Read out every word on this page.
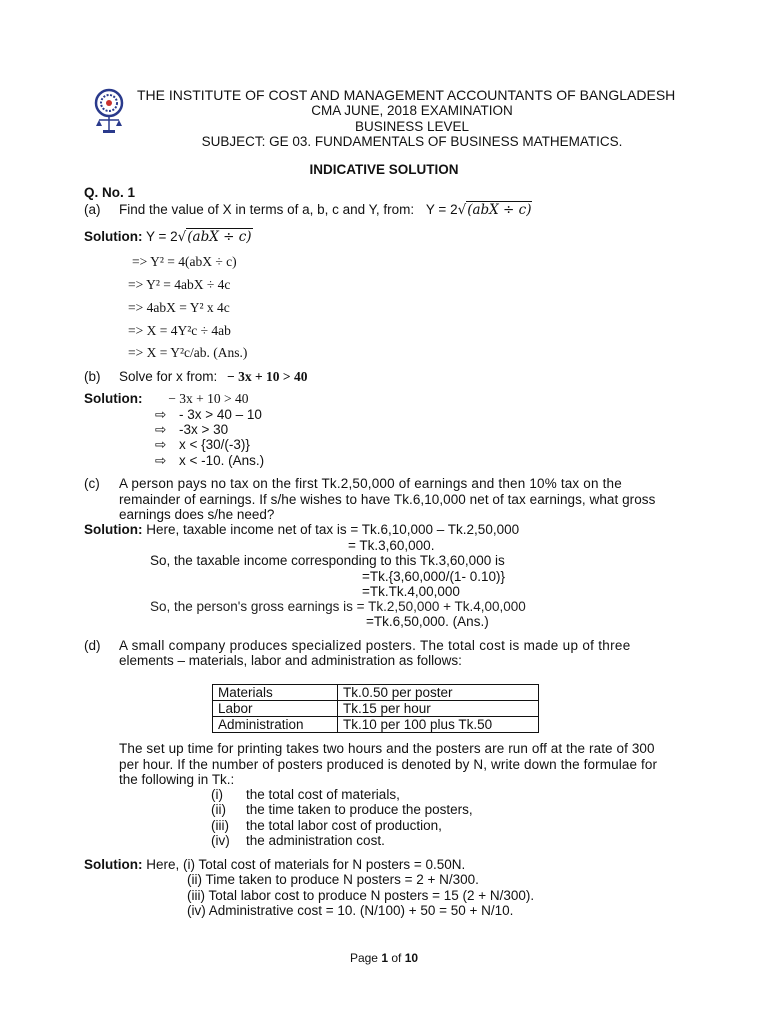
THE INSTITUTE OF COST AND MANAGEMENT ACCOUNTANTS OF BANGLADESH
CMA JUNE, 2018 EXAMINATION
BUSINESS LEVEL
SUBJECT: GE 03. FUNDAMENTALS OF BUSINESS MATHEMATICS.
INDICATIVE SOLUTION
Q. No. 1
(a) Find the value of X in terms of a, b, c and Y, from: Y = 2√(abX ÷ c)
Solution: Y = 2√(abX ÷ c)
=> Y² = 4(abX ÷ c)
=> Y² = 4abX ÷ 4c
=> 4abX = Y² x 4c
=> X = 4Y²c ÷ 4ab
=> X = Y²c/ab. (Ans.)
(b) Solve for x from: − 3x + 10 > 40
Solution: − 3x + 10 > 40
⇨ - 3x > 40 – 10
⇨ -3x > 30
⇨ x < {30/(-3)}
⇨ x < -10. (Ans.)
(c) A person pays no tax on the first Tk.2,50,000 of earnings and then 10% tax on the
remainder of earnings. If s/he wishes to have Tk.6,10,000 net of tax earnings, what gross
earnings does s/he need?
Solution: Here, taxable income net of tax is = Tk.6,10,000 – Tk.2,50,000
= Tk.3,60,000.
So, the taxable income corresponding to this Tk.3,60,000 is
=Tk.{3,60,000/(1- 0.10)}
=Tk.Tk.4,00,000
So, the person's gross earnings is = Tk.2,50,000 + Tk.4,00,000
=Tk.6,50,000. (Ans.)
(d) A small company produces specialized posters. The total cost is made up of three
elements – materials, labor and administration as follows:
Materials	Tk.0.50 per poster
Labor	Tk.15 per hour
Administration	Tk.10 per 100 plus Tk.50
The set up time for printing takes two hours and the posters are run off at the rate of 300
per hour. If the number of posters produced is denoted by N, write down the formulae for
the following in Tk.:
(i) the total cost of materials,
(ii) the time taken to produce the posters,
(iii) the total labor cost of production,
(iv) the administration cost.
Solution: Here, (i) Total cost of materials for N posters = 0.50N.
(ii) Time taken to produce N posters = 2 + N/300.
(iii) Total labor cost to produce N posters = 15 (2 + N/300).
(iv) Administrative cost = 10. (N/100) + 50 = 50 + N/10.
Page 1 of 10
